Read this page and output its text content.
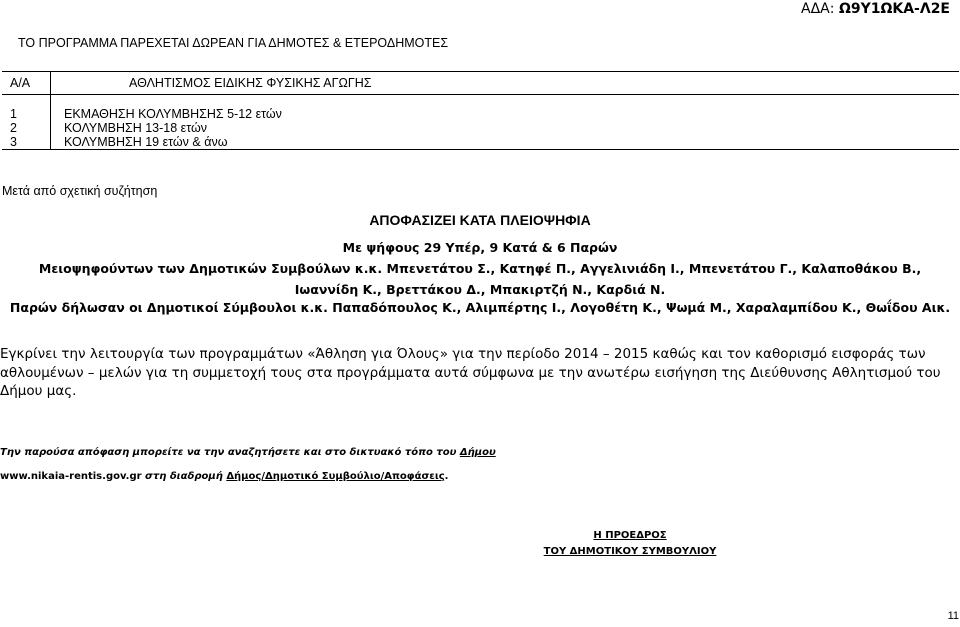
ΑΔΑ: Ω9Υ1ΩΚΑ-Λ2Ε
ΤΟ ΠΡΟΓΡΑΜΜΑ ΠΑΡΕΧΕΤΑΙ ΔΩΡΕΑΝ ΓΙΑ ΔΗΜΟΤΕΣ & ΕΤΕΡΟΔΗΜΟΤΕΣ
Α/Α	ΑΘΛΗΤΙΣΜΟΣ ΕΙΔΙΚΗΣ ΦΥΣΙΚΗΣ ΑΓΩΓΗΣ

1	ΕΚΜΑΘΗΣΗ ΚΟΛΥΜΒΗΣΗΣ 5-12 ετών
2	ΚΟΛΥΜΒΗΣΗ 13-18 ετών
3	ΚΟΛΥΜΒΗΣΗ 19 ετών & άνω
Μετά από σχετική συζήτηση
ΑΠΟΦΑΣΙΖΕΙ ΚΑΤΑ ΠΛΕΙΟΨΗΦΙΑ
Με ψήφους 29 Υπέρ, 9 Κατά & 6 Παρών
Μειοψηφούντων των Δημοτικών Συμβούλων κ.κ. Μπενετάτου Σ., Κατηφέ Π., Αγγελινιάδη Ι., Μπενετάτου Γ., Καλαποθάκου Β.,
Ιωαννίδη Κ., Βρεττάκου Δ., Μπακιρτζή Ν., Καρδιά Ν.
Παρών δήλωσαν οι Δημοτικοί Σύμβουλοι κ.κ. Παπαδόπουλος Κ., Αλιμπέρτης Ι., Λογοθέτη Κ., Ψωμά Μ., Χαραλαμπίδου Κ., Θωΐδου Αικ.
Εγκρίνει την λειτουργία των προγραμμάτων «Άθληση για Όλους» για την περίοδο 2014 – 2015 καθώς και τον καθορισμό εισφοράς των αθλουμένων – μελών για τη συμμετοχή τους στα προγράμματα αυτά σύμφωνα με την ανωτέρω εισήγηση της Διεύθυνσης Αθλητισμού του Δήμου μας.
Την παρούσα απόφαση μπορείτε να την αναζητήσετε και στο δικτυακό τόπο του Δήμου
www.nikaia-rentis.gov.gr στη διαδρομή Δήμος/Δημοτικό Συμβούλιο/Αποφάσεις.
Η ΠΡΟΕΔΡΟΣ
ΤΟΥ ΔΗΜΟΤΙΚΟΥ ΣΥΜΒΟΥΛΙΟΥ
11
